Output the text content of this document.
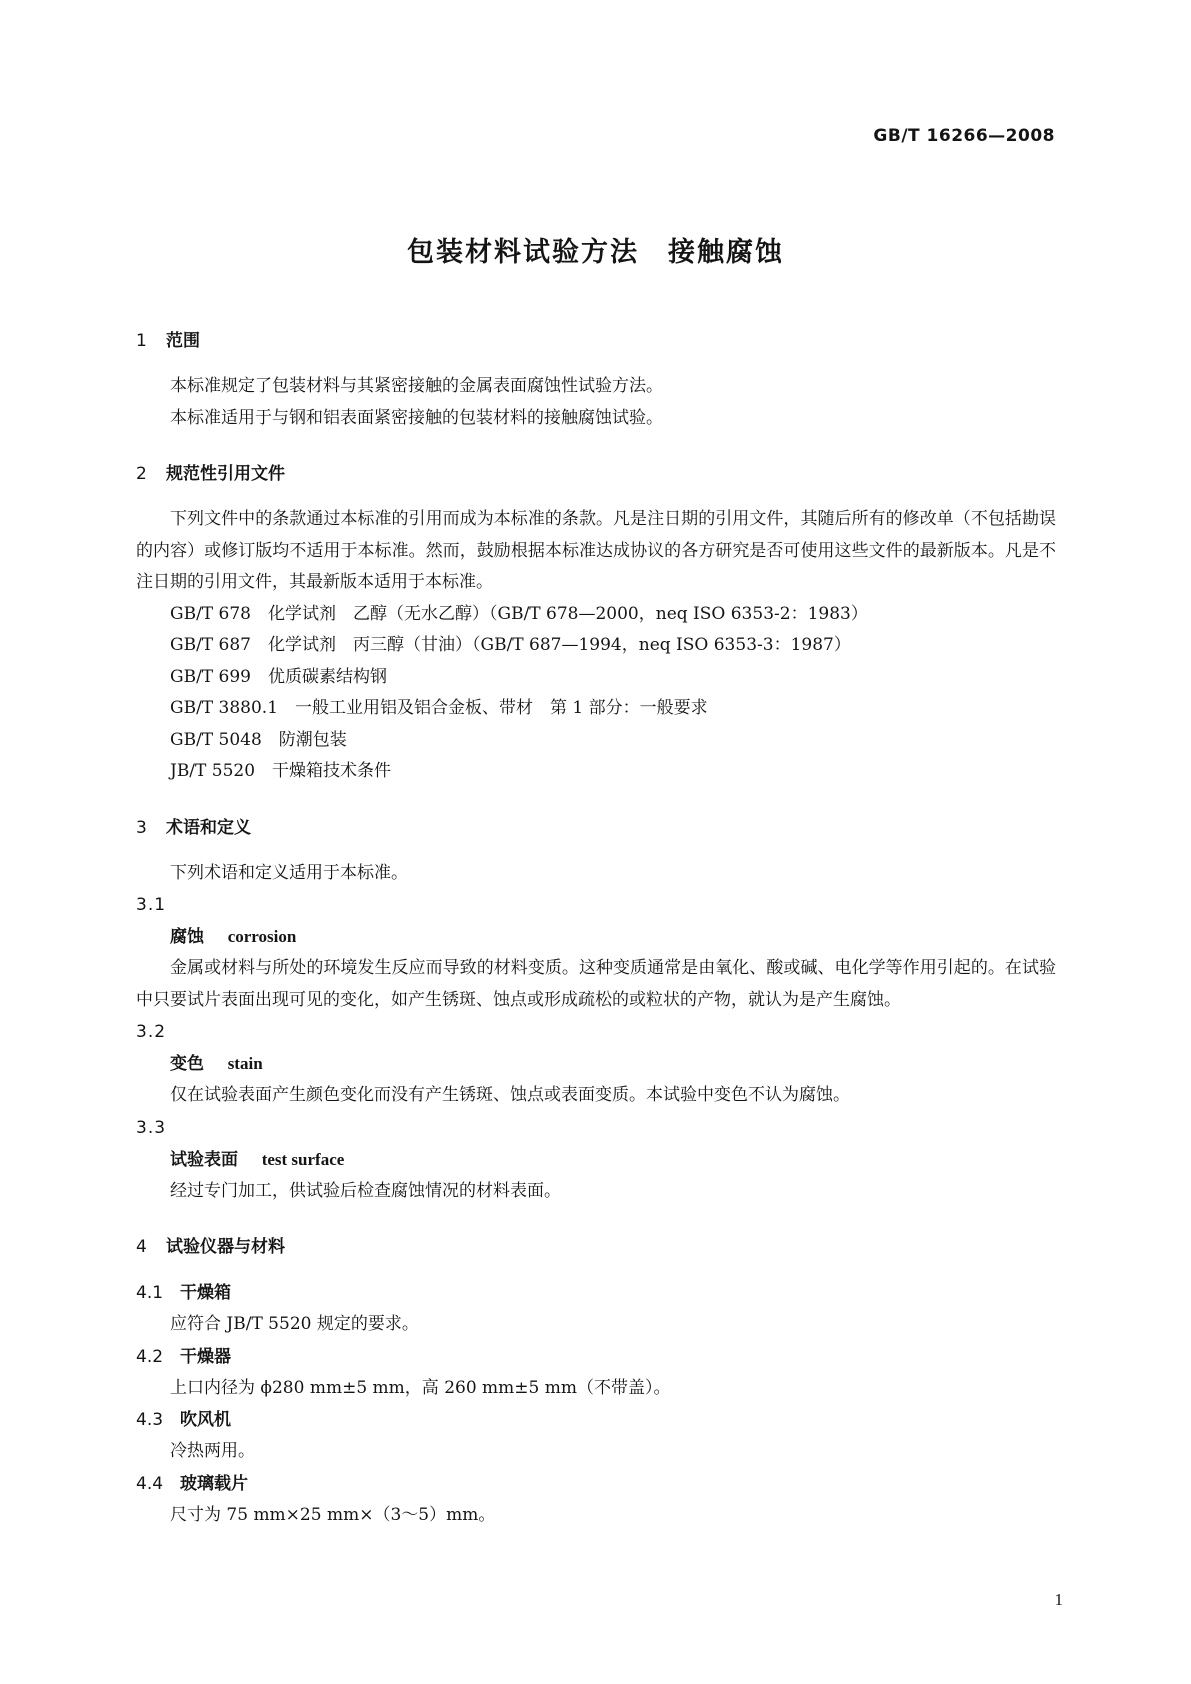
GB/T 16266—2008
包装材料试验方法　接触腐蚀
1 范围
本标准规定了包装材料与其紧密接触的金属表面腐蚀性试验方法。
本标准适用于与钢和铝表面紧密接触的包装材料的接触腐蚀试验。
2 规范性引用文件
下列文件中的条款通过本标准的引用而成为本标准的条款。凡是注日期的引用文件，其随后所有的修改单（不包括勘误的内容）或修订版均不适用于本标准。然而，鼓励根据本标准达成协议的各方研究是否可使用这些文件的最新版本。凡是不注日期的引用文件，其最新版本适用于本标准。
GB/T 678　化学试剂　乙醇（无水乙醇）（GB/T 678—2000，neq ISO 6353-2：1983）
GB/T 687　化学试剂　丙三醇（甘油）（GB/T 687—1994，neq ISO 6353-3：1987）
GB/T 699　优质碳素结构钢
GB/T 3880.1　一般工业用铝及铝合金板、带材　第 1 部分：一般要求
GB/T 5048　防潮包装
JB/T 5520　干燥箱技术条件
3 术语和定义
下列术语和定义适用于本标准。
3.1
腐蚀 corrosion
金属或材料与所处的环境发生反应而导致的材料变质。这种变质通常是由氧化、酸或碱、电化学等作用引起的。在试验中只要试片表面出现可见的变化，如产生锈斑、蚀点或形成疏松的或粒状的产物，就认为是产生腐蚀。
3.2
变色 stain
仅在试验表面产生颜色变化而没有产生锈斑、蚀点或表面变质。本试验中变色不认为腐蚀。
3.3
试验表面 test surface
经过专门加工，供试验后检查腐蚀情况的材料表面。
4 试验仪器与材料
4.1 干燥箱
应符合 JB/T 5520 规定的要求。
4.2 干燥器
上口内径为 ϕ280 mm±5 mm，高 260 mm±5 mm（不带盖）。
4.3 吹风机
冷热两用。
4.4 玻璃载片
尺寸为 75 mm×25 mm×（3～5）mm。
1
